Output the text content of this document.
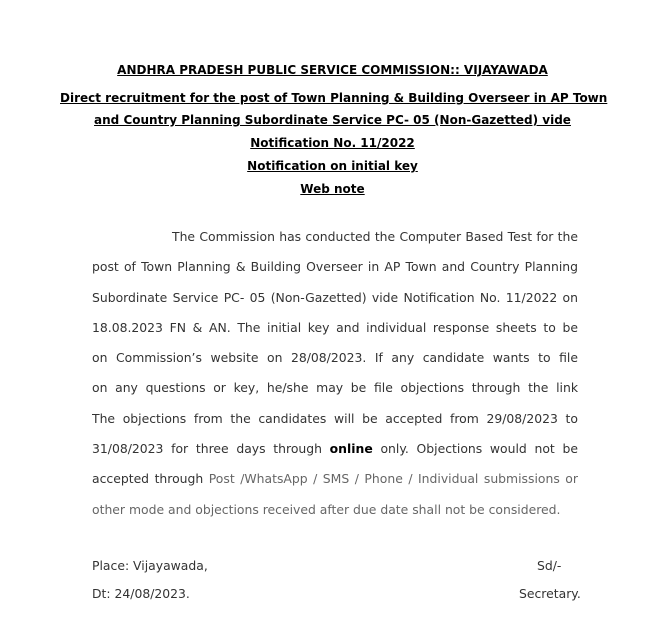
ANDHRA PRADESH PUBLIC SERVICE COMMISSION:: VIJAYAWADA
Direct recruitment for the post of Town Planning & Building Overseer in AP Town
and Country Planning Subordinate Service PC- 05 (Non-Gazetted) vide
Notification No. 11/2022
Notification on initial key
Web note
The Commission has conducted the Computer Based Test for the
post of Town Planning & Building Overseer in AP Town and Country Planning
Subordinate Service PC- 05 (Non-Gazetted) vide Notification No. 11/2022 on
18.08.2023 FN & AN. The initial key and individual response sheets to be
on Commission’s website on 28/08/2023. If any candidate wants to file
on any questions or key, he/she may be file objections through the link
The objections from the candidates will be accepted from 29/08/2023 to
31/08/2023 for three days through online only. Objections would not be
accepted through Post /WhatsApp / SMS / Phone / Individual submissions or
other mode and objections received after due date shall not be considered.
Place: Vijayawada,
Dt: 24/08/2023.
Sd/-
Secretary.
